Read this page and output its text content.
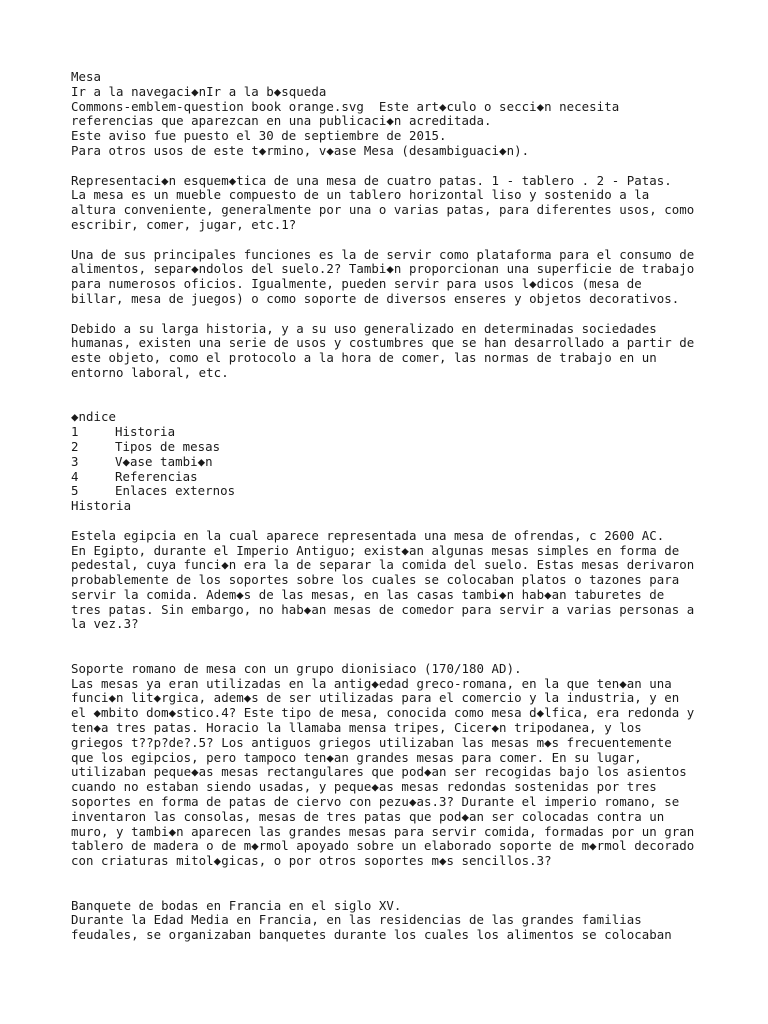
Mesa
Ir a la navegaci◆nIr a la b◆squeda
Commons-emblem-question book orange.svg  Este art◆culo o secci◆n necesita
referencias que aparezcan en una publicaci◆n acreditada.
Este aviso fue puesto el 30 de septiembre de 2015.
Para otros usos de este t◆rmino, v◆ase Mesa (desambiguaci◆n).
Representaci◆n esquem◆tica de una mesa de cuatro patas. 1 - tablero . 2 - Patas.
La mesa es un mueble compuesto de un tablero horizontal liso y sostenido a la
altura conveniente, generalmente por una o varias patas, para diferentes usos, como
escribir, comer, jugar, etc.1?
Una de sus principales funciones es la de servir como plataforma para el consumo de
alimentos, separ◆ndolos del suelo.2? Tambi◆n proporcionan una superficie de trabajo
para numerosos oficios. Igualmente, pueden servir para usos l◆dicos (mesa de
billar, mesa de juegos) o como soporte de diversos enseres y objetos decorativos.
Debido a su larga historia, y a su uso generalizado en determinadas sociedades
humanas, existen una serie de usos y costumbres que se han desarrollado a partir de
este objeto, como el protocolo a la hora de comer, las normas de trabajo en un
entorno laboral, etc.
◆ndice
1	Historia
2	Tipos de mesas
3	V◆ase tambi◆n
4	Referencias
5	Enlaces externos
Historia
Estela egipcia en la cual aparece representada una mesa de ofrendas, c 2600 AC.
En Egipto, durante el Imperio Antiguo; exist◆an algunas mesas simples en forma de
pedestal, cuya funci◆n era la de separar la comida del suelo. Estas mesas derivaron
probablemente de los soportes sobre los cuales se colocaban platos o tazones para
servir la comida. Adem◆s de las mesas, en las casas tambi◆n hab◆an taburetes de
tres patas. Sin embargo, no hab◆an mesas de comedor para servir a varias personas a
la vez.3?
Soporte romano de mesa con un grupo dionisiaco (170/180 AD).
Las mesas ya eran utilizadas en la antig◆edad greco-romana, en la que ten◆an una
funci◆n lit◆rgica, adem◆s de ser utilizadas para el comercio y la industria, y en
el ◆mbito dom◆stico.4? Este tipo de mesa, conocida como mesa d◆lfica, era redonda y
ten◆a tres patas. Horacio la llamaba mensa tripes, Cicer◆n tripodanea, y los
griegos t??p?de?.5? Los antiguos griegos utilizaban las mesas m◆s frecuentemente
que los egipcios, pero tampoco ten◆an grandes mesas para comer. En su lugar,
utilizaban peque◆as mesas rectangulares que pod◆an ser recogidas bajo los asientos
cuando no estaban siendo usadas, y peque◆as mesas redondas sostenidas por tres
soportes en forma de patas de ciervo con pezu◆as.3? Durante el imperio romano, se
inventaron las consolas, mesas de tres patas que pod◆an ser colocadas contra un
muro, y tambi◆n aparecen las grandes mesas para servir comida, formadas por un gran
tablero de madera o de m◆rmol apoyado sobre un elaborado soporte de m◆rmol decorado
con criaturas mitol◆gicas, o por otros soportes m◆s sencillos.3?
Banquete de bodas en Francia en el siglo XV.
Durante la Edad Media en Francia, en las residencias de las grandes familias
feudales, se organizaban banquetes durante los cuales los alimentos se colocaban
